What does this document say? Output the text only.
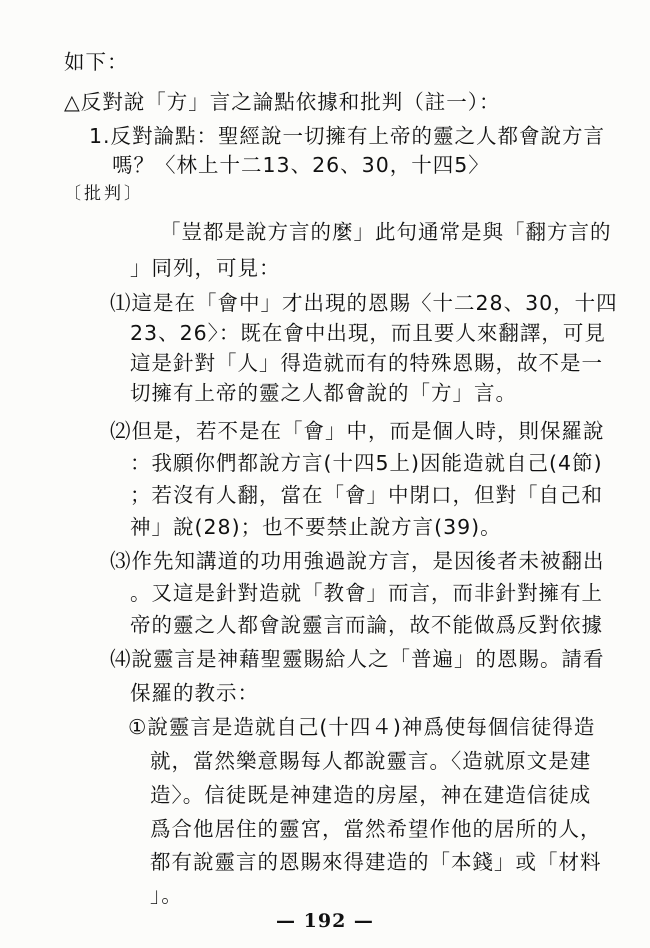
如下：
△反對說「方」言之論點依據和批判（註一）：
1.反對論點：聖經說一切擁有上帝的靈之人都會說方言
嗎？〈林上十二13、26、30，十四5〉
〔批判〕
「豈都是說方言的麼」此句通常是與「翻方言的
」同列，可見：
⑴這是在「會中」才出現的恩賜〈十二28、30，十四
23、26〉：既在會中出現，而且要人來翻譯，可見
這是針對「人」得造就而有的特殊恩賜，故不是一
切擁有上帝的靈之人都會說的「方」言。
⑵但是，若不是在「會」中，而是個人時，則保羅說
：我願你們都說方言(十四5上)因能造就自己(4節)
；若沒有人翻，當在「會」中閉口，但對「自己和
神」說(28)；也不要禁止說方言(39)。
⑶作先知講道的功用強過說方言，是因後者未被翻出
。又這是針對造就「教會」而言，而非針對擁有上
帝的靈之人都會說靈言而論，故不能做爲反對依據
⑷說靈言是神藉聖靈賜給人之「普遍」的恩賜。請看
保羅的教示：
①說靈言是造就自己(十四４)神爲使每個信徒得造
就，當然樂意賜每人都說靈言。〈造就原文是建
造〉。信徒既是神建造的房屋，神在建造信徒成
爲合他居住的靈宮，當然希望作他的居所的人，
都有說靈言的恩賜來得建造的「本錢」或「材料
」。
— 192 —
